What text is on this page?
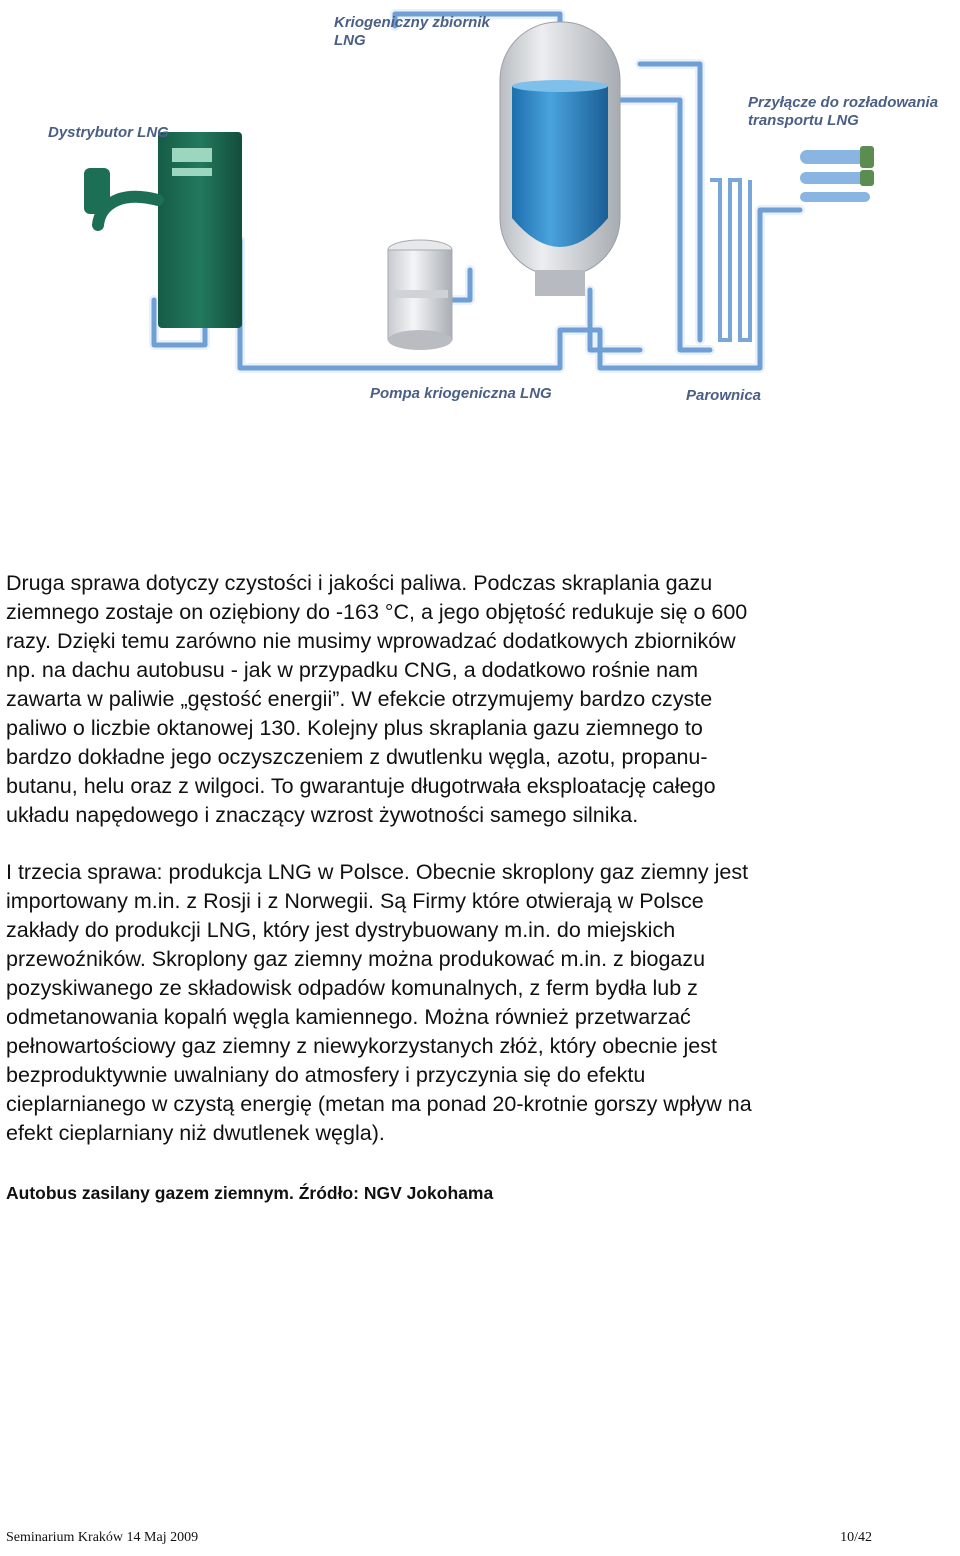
Kriogeniczny zbiornik
LNG
Dystrybutor LNG
Przyłącze do rozładowania
transportu LNG
Pompa kriogeniczna LNG	Parownica

Druga sprawa dotyczy czystości i jakości paliwa. Podczas skraplania gazu
ziemnego zostaje on oziębiony do -163 °C, a jego objętość redukuje się o 600
razy. Dzięki temu zarówno nie musimy wprowadzać dodatkowych zbiorników
np. na dachu autobusu - jak w przypadku CNG, a dodatkowo rośnie nam
zawarta w paliwie „gęstość energii”. W efekcie otrzymujemy bardzo czyste
paliwo o liczbie oktanowej 130. Kolejny plus skraplania gazu ziemnego to
bardzo dokładne jego oczyszczeniem z dwutlenku węgla, azotu, propanu-
butanu, helu oraz z wilgoci. To gwarantuje długotrwała eksploatację całego
układu napędowego i znaczący wzrost żywotności samego silnika.

I trzecia sprawa: produkcja LNG w Polsce. Obecnie skroplony gaz ziemny jest
importowany m.in. z Rosji i z Norwegii. Są Firmy które otwierają w Polsce
zakłady do produkcji LNG, który jest dystrybuowany m.in. do miejskich
przewoźników. Skroplony gaz ziemny można produkować m.in. z biogazu
pozyskiwanego ze składowisk odpadów komunalnych, z ferm bydła lub z
odmetanowania kopalń węgla kamiennego. Można również przetwarzać
pełnowartościowy gaz ziemny z niewykorzystanych złóż, który obecnie jest
bezproduktywnie uwalniany do atmosfery i przyczynia się do efektu
cieplarnianego w czystą energię (metan ma ponad 20-krotnie gorszy wpływ na
efekt cieplarniany niż dwutlenek węgla).

Autobus zasilany gazem ziemnym. Źródło: NGV Jokohama
Seminarium Kraków 14 Maj 2009	10/42
